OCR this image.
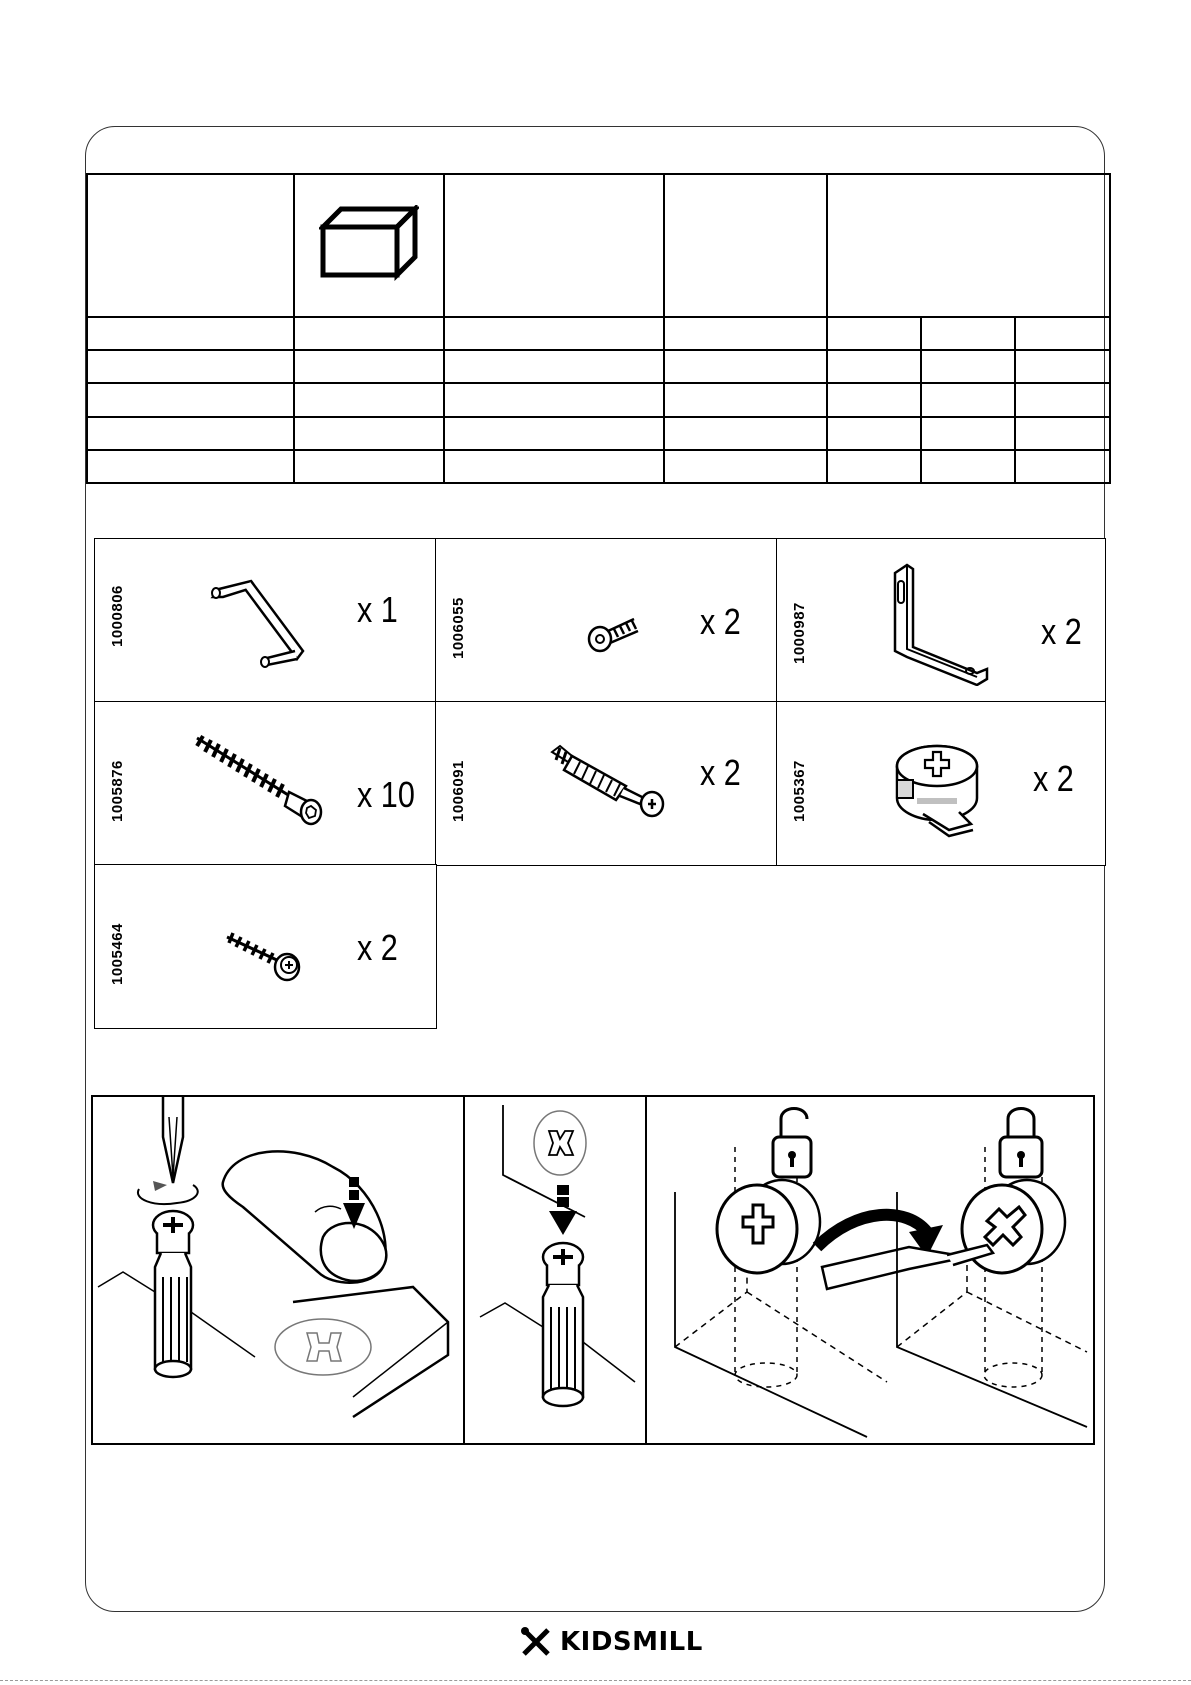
1000806	x 1	1006055	x 2	1000987	x 2
1005876	x 10 1006091	x 2	1005367	x 2
1005464	x 2
KIDSMILL
